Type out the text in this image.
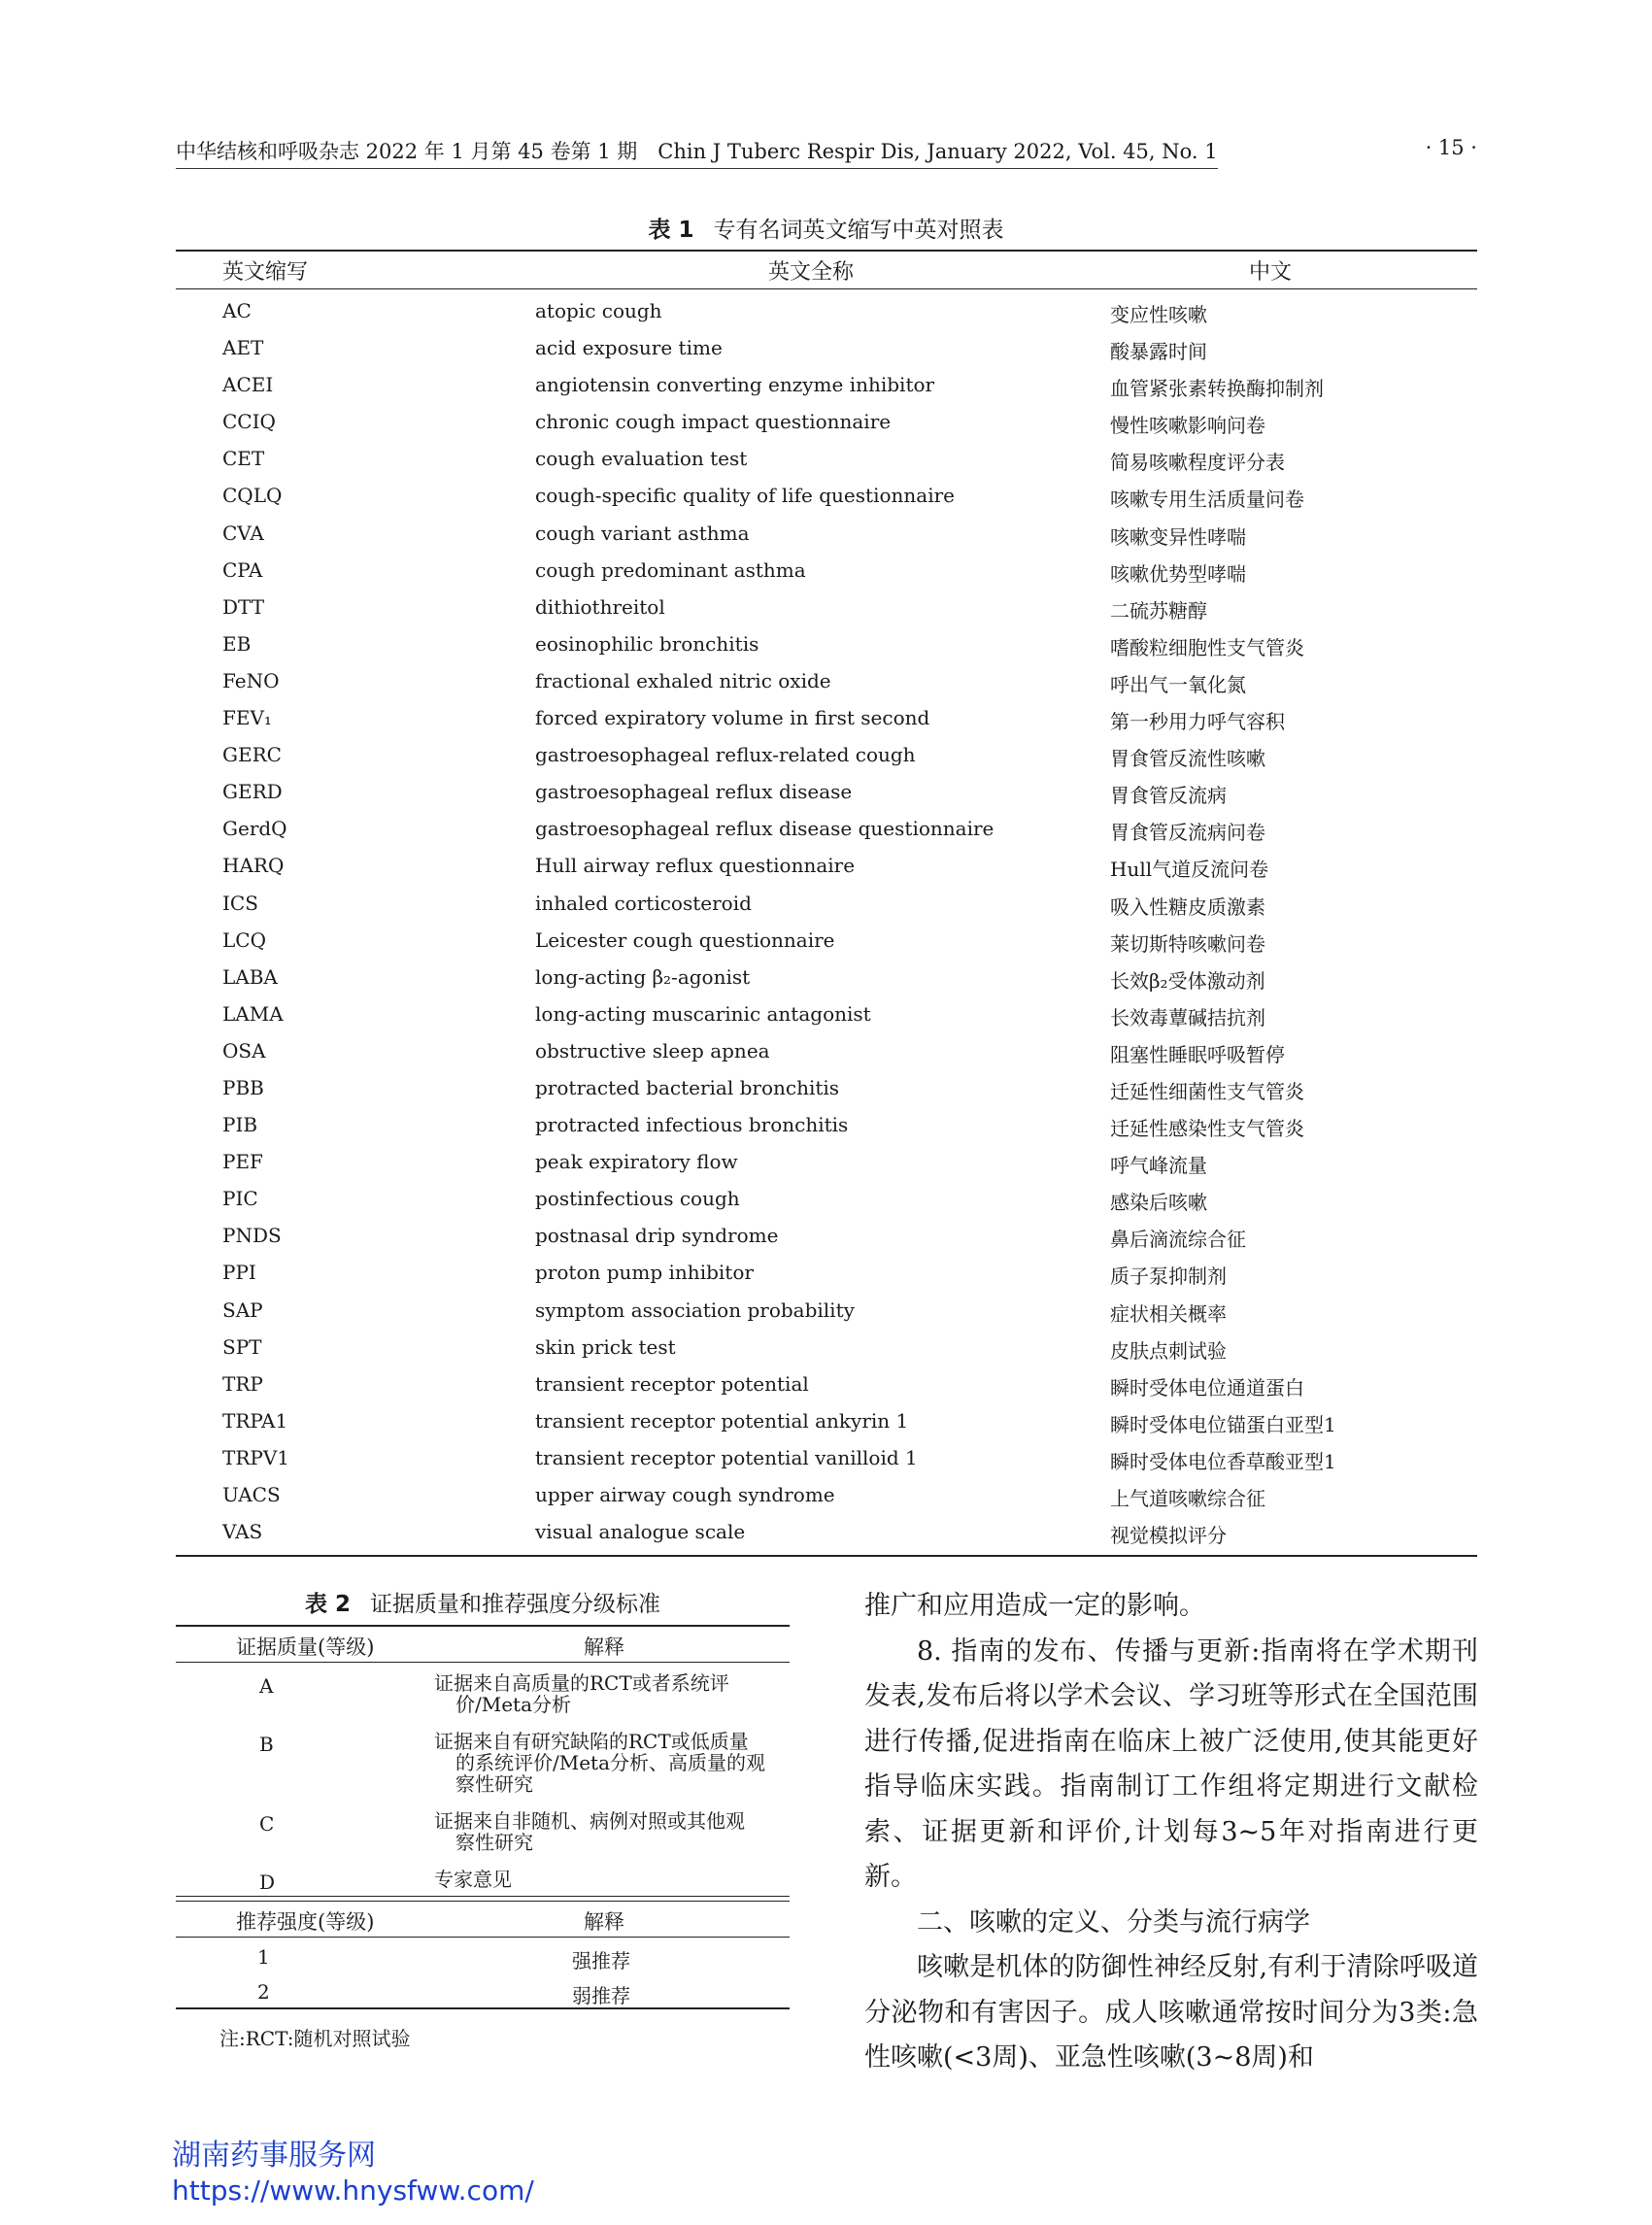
中华结核和呼吸杂志 2022 年 1 月第 45 卷第 1 期　Chin J Tuberc Respir Dis, January 2022, Vol. 45, No. 1	· 15 ·
表 1 专有名词英文缩写中英对照表
英文缩写	英文全称	中文
AC	atopic cough	变应性咳嗽
AET	acid exposure time	酸暴露时间
ACEI	angiotensin converting enzyme inhibitor	血管紧张素转换酶抑制剂
CCIQ	chronic cough impact questionnaire	慢性咳嗽影响问卷
CET	cough evaluation test	简易咳嗽程度评分表
CQLQ	cough-specific quality of life questionnaire	咳嗽专用生活质量问卷
CVA	cough variant asthma	咳嗽变异性哮喘
CPA	cough predominant asthma	咳嗽优势型哮喘
DTT	dithiothreitol	二硫苏糖醇
EB	eosinophilic bronchitis	嗜酸粒细胞性支气管炎
FeNO	fractional exhaled nitric oxide	呼出气一氧化氮
FEV₁	forced expiratory volume in first second	第一秒用力呼气容积
GERC	gastroesophageal reflux-related cough	胃食管反流性咳嗽
GERD	gastroesophageal reflux disease	胃食管反流病
GerdQ	gastroesophageal reflux disease questionnaire	胃食管反流病问卷
HARQ	Hull airway reflux questionnaire	Hull气道反流问卷
ICS	inhaled corticosteroid	吸入性糖皮质激素
LCQ	Leicester cough questionnaire	莱切斯特咳嗽问卷
LABA	long-acting β₂-agonist	长效β₂受体激动剂
LAMA	long-acting muscarinic antagonist	长效毒蕈碱拮抗剂
OSA	obstructive sleep apnea	阻塞性睡眠呼吸暂停
PBB	protracted bacterial bronchitis	迁延性细菌性支气管炎
PIB	protracted infectious bronchitis	迁延性感染性支气管炎
PEF	peak expiratory flow	呼气峰流量
PIC	postinfectious cough	感染后咳嗽
PNDS	postnasal drip syndrome	鼻后滴流综合征
PPI	proton pump inhibitor	质子泵抑制剂
SAP	symptom association probability	症状相关概率
SPT	skin prick test	皮肤点刺试验
TRP	transient receptor potential	瞬时受体电位通道蛋白
TRPA1	transient receptor potential ankyrin 1	瞬时受体电位锚蛋白亚型1
TRPV1	transient receptor potential vanilloid 1	瞬时受体电位香草酸亚型1
UACS	upper airway cough syndrome	上气道咳嗽综合征
VAS	visual analogue scale	视觉模拟评分
表 2 证据质量和推荐强度分级标准
证据质量(等级)	解释
A	证据来自高质量的RCT或者系统评
价/Meta分析
B	证据来自有研究缺陷的RCT或低质量
的系统评价/Meta分析、高质量的观
察性研究
C	证据来自非随机、病例对照或其他观
察性研究
D	专家意见
推荐强度(等级)	解释
1	强推荐
2	弱推荐
注:RCT:随机对照试验

推广和应用造成一定的影响。

8. 指南的发布、传播与更新:指南将在学术期刊发表,发布后将以学术会议、学习班等形式在全国范围进行传播,促进指南在临床上被广泛使用,使其能更好指导临床实践。指南制订工作组将定期进行文献检索、证据更新和评价,计划每3~5年对指南进行更新。

二、咳嗽的定义、分类与流行病学

咳嗽是机体的防御性神经反射,有利于清除呼吸道分泌物和有害因子。成人咳嗽通常按时间分为3类:急性咳嗽(<3周)、亚急性咳嗽(3~8周)和

湖南药事服务网
https://www.hnysfww.com/
